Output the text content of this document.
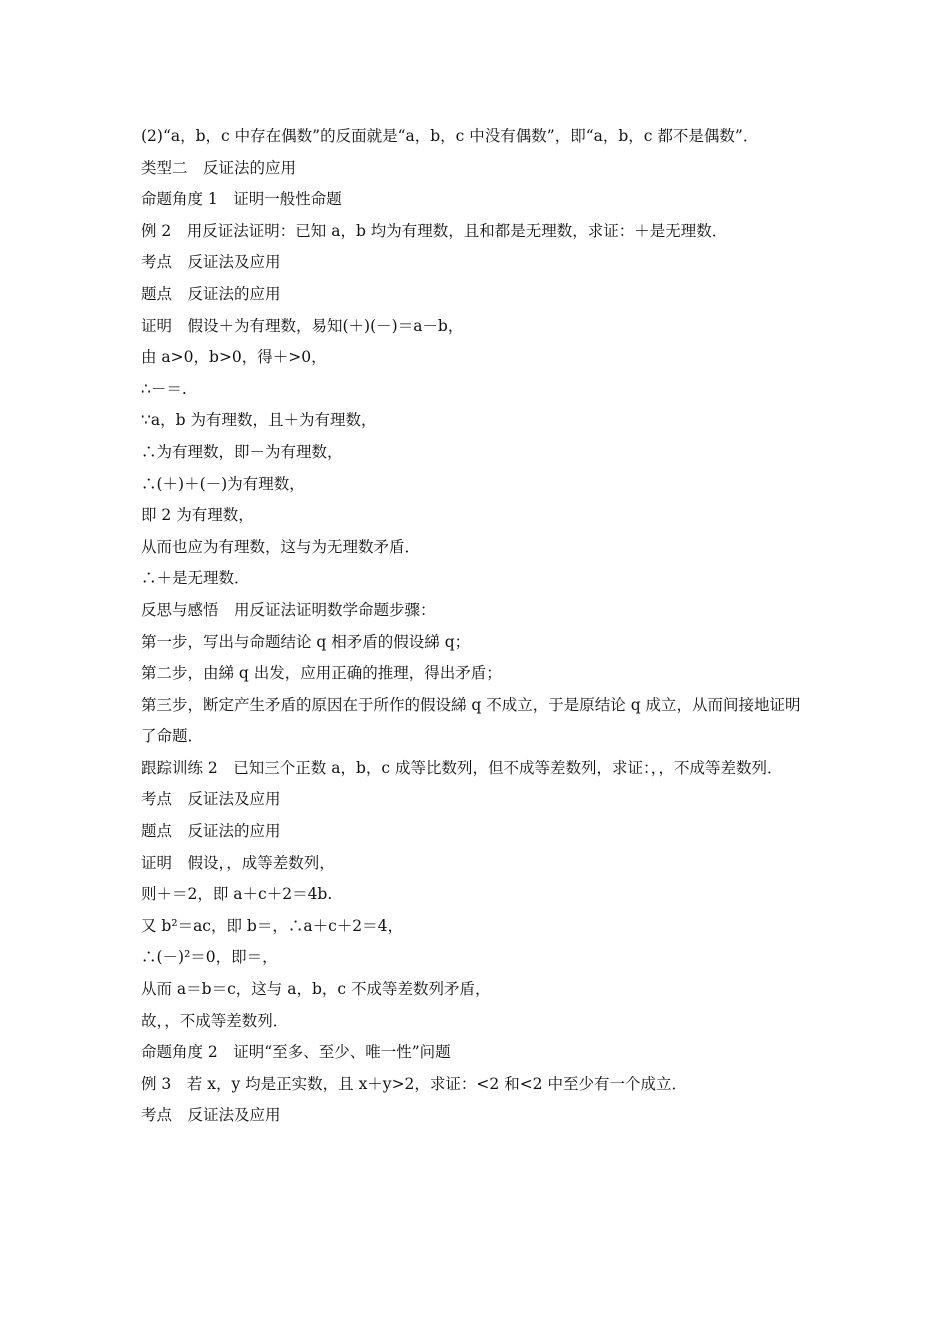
(2)“a，b，c 中存在偶数”的反面就是“a，b，c 中没有偶数”，即“a，b，c 都不是偶数”．
类型二　反证法的应用
命题角度 1　证明一般性命题
例 2　用反证法证明：已知 a，b 均为有理数，且和都是无理数，求证：＋是无理数．
考点　反证法及应用
题点　反证法的应用
证明　假设＋为有理数，易知(＋)(－)＝a－b，
由 a>0，b>0，得＋>0，
∴－＝.
∵a，b 为有理数，且＋为有理数，
∴为有理数，即－为有理数，
∴(＋)＋(－)为有理数，
即 2 为有理数，
从而也应为有理数，这与为无理数矛盾．
∴＋是无理数．
反思与感悟　用反证法证明数学命题步骤：
第一步，写出与命题结论 q 相矛盾的假设綈 q；
第二步，由綈 q 出发，应用正确的推理，得出矛盾；
第三步，断定产生矛盾的原因在于所作的假设綈 q 不成立，于是原结论 q 成立，从而间接地证明了命题．
跟踪训练 2　已知三个正数 a，b，c 成等比数列，但不成等差数列，求证：，，不成等差数列．
考点　反证法及应用
题点　反证法的应用
证明　假设，，成等差数列，
则＋＝2，即 a＋c＋2＝4b.
又 b²＝ac，即 b＝，∴a＋c＋2＝4，
∴(－)²＝0，即＝，
从而 a＝b＝c，这与 a，b，c 不成等差数列矛盾，
故，，不成等差数列．
命题角度 2　证明“至多、至少、唯一性”问题
例 3　若 x，y 均是正实数，且 x＋y>2，求证：<2 和<2 中至少有一个成立．
考点　反证法及应用
